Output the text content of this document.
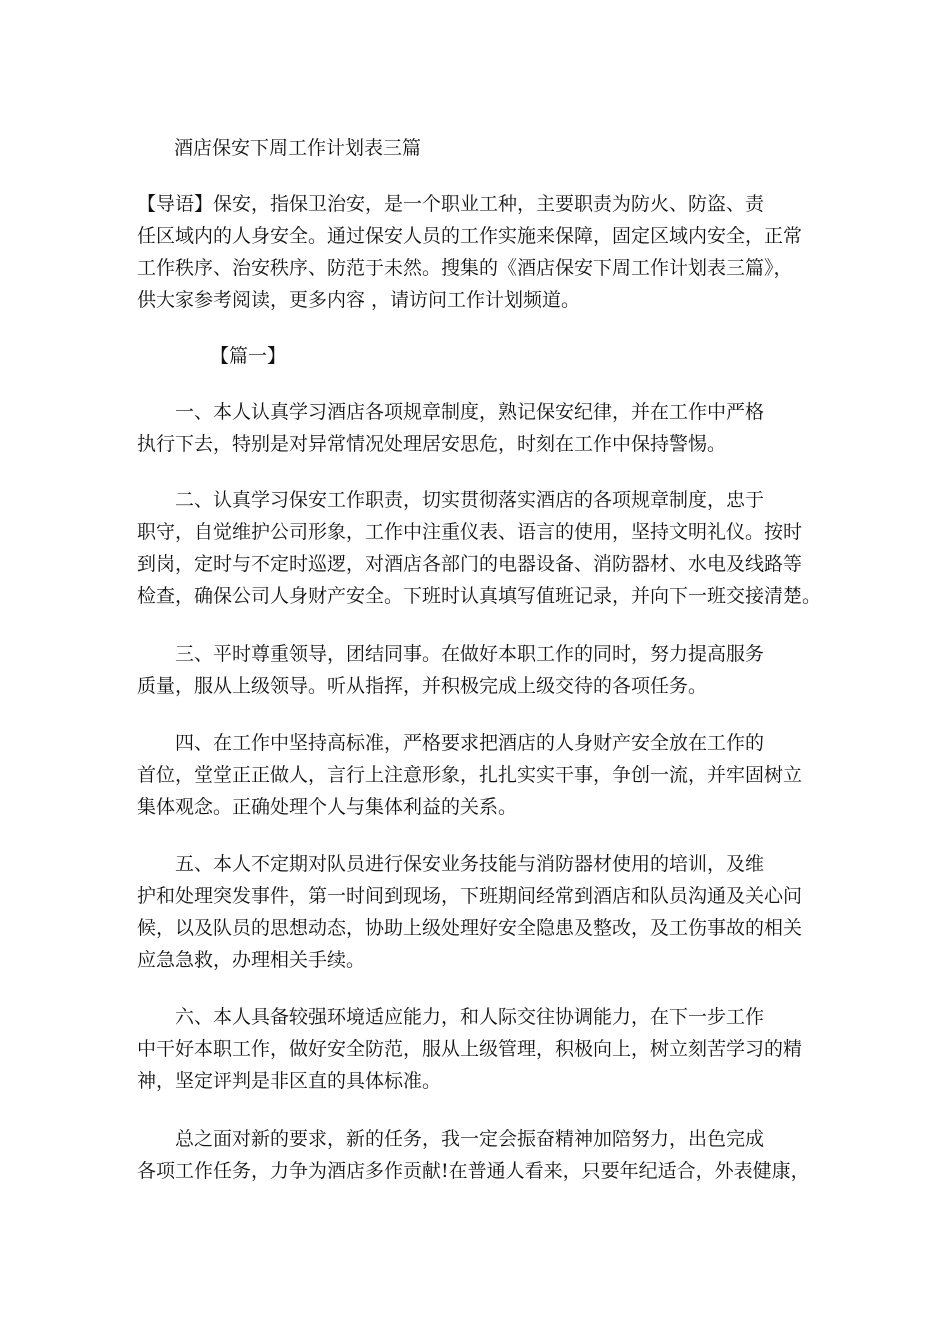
酒店保安下周工作计划表三篇
【导语】保安，指保卫治安，是一个职业工种，主要职责为防火、防盗、责
任区域内的人身安全。通过保安人员的工作实施来保障，固定区域内安全，正常
工作秩序、治安秩序、防范于未然。搜集的《酒店保安下周工作计划表三篇》，
供大家参考阅读，更多内容 ，请访问工作计划频道。
【篇一】
　　一、本人认真学习酒店各项规章制度，熟记保安纪律，并在工作中严格
执行下去，特别是对异常情况处理居安思危，时刻在工作中保持警惕。
　　二、认真学习保安工作职责，切实贯彻落实酒店的各项规章制度，忠于
职守，自觉维护公司形象，工作中注重仪表、语言的使用，坚持文明礼仪。按时
到岗，定时与不定时巡逻，对酒店各部门的电器设备、消防器材、水电及线路等
检查，确保公司人身财产安全。下班时认真填写值班记录，并向下一班交接清楚。
　　三、平时尊重领导，团结同事。在做好本职工作的同时，努力提高服务
质量，服从上级领导。听从指挥，并积极完成上级交待的各项任务。
　　四、在工作中坚持高标准，严格要求把酒店的人身财产安全放在工作的
首位，堂堂正正做人，言行上注意形象，扎扎实实干事，争创一流，并牢固树立
集体观念。正确处理个人与集体利益的关系。
　　五、本人不定期对队员进行保安业务技能与消防器材使用的培训，及维
护和处理突发事件，第一时间到现场，下班期间经常到酒店和队员沟通及关心问
候，以及队员的思想动态，协助上级处理好安全隐患及整改，及工伤事故的相关
应急急救，办理相关手续。
　　六、本人具备较强环境适应能力，和人际交往协调能力，在下一步工作
中干好本职工作，做好安全防范，服从上级管理，积极向上，树立刻苦学习的精
神，坚定评判是非区直的具体标准。
　　总之面对新的要求，新的任务，我一定会振奋精神加陪努力，出色完成
各项工作任务，力争为酒店多作贡献!在普通人看来，只要年纪适合，外表健康，
